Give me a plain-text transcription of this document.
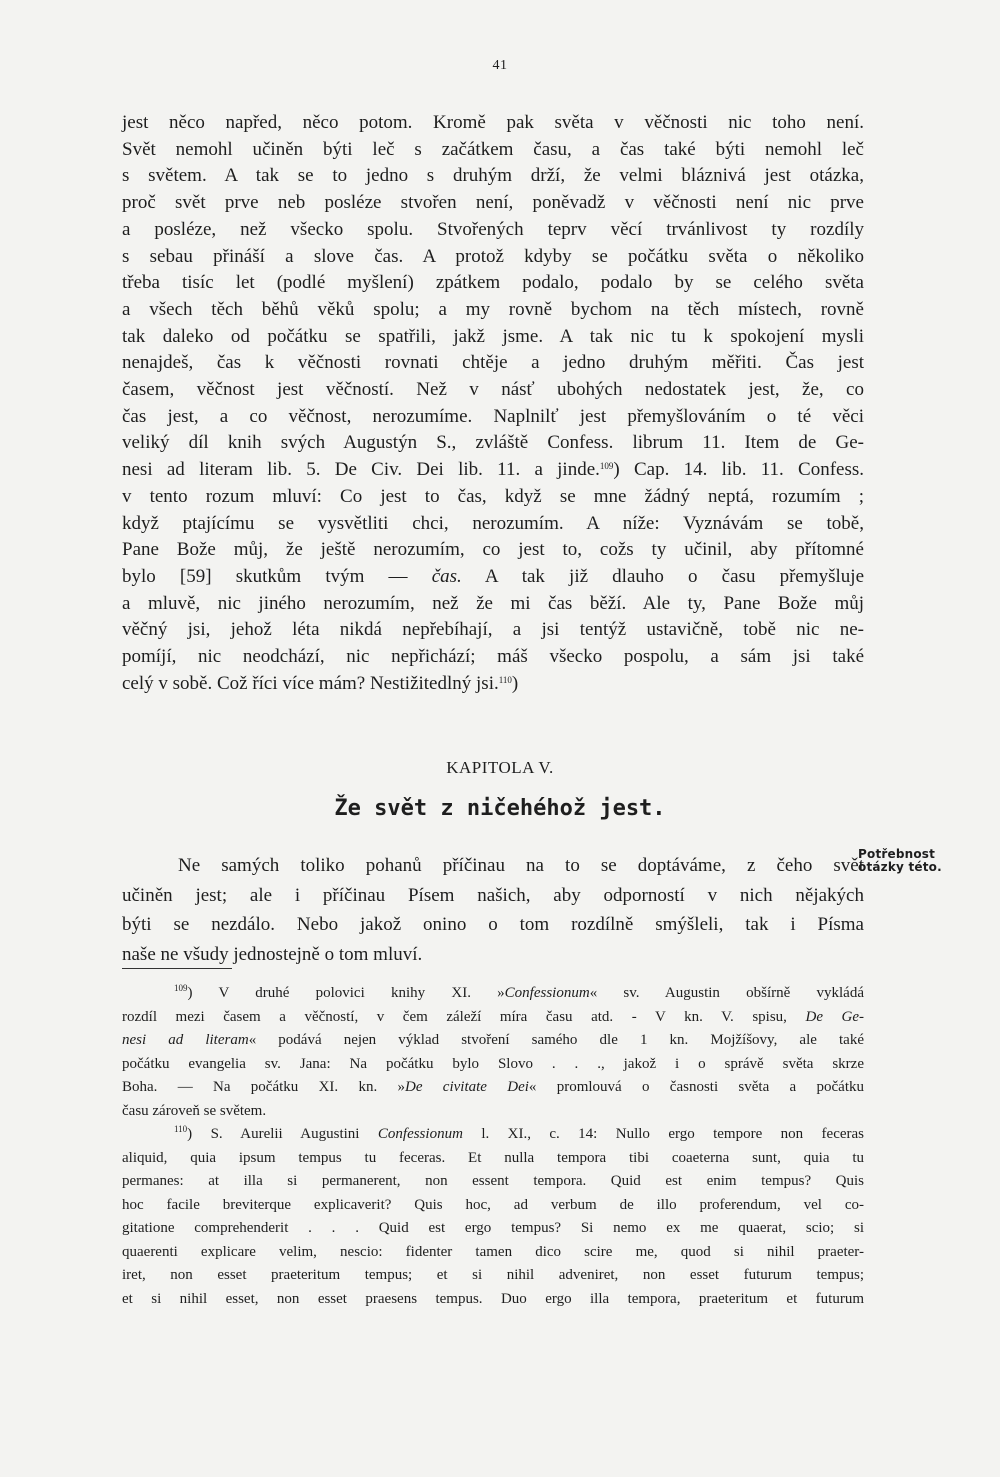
41
jest něco napřed, něco potom. Kromě pak světa v věčnosti nic toho není.
Svět nemohl učiněn býti leč s začátkem času, a čas také býti nemohl leč
s světem. A tak se to jedno s druhým drží, že velmi bláznivá jest otázka,
proč svět prve neb posléze stvořen není, poněvadž v věčnosti není nic prve
a posléze, než všecko spolu. Stvořených teprv věcí trvánlivost ty rozdíly
s sebau přináší a slove čas. A protož kdyby se počátku světa o několiko
třeba tisíc let (podlé myšlení) zpátkem podalo, podalo by se celého světa
a všech těch běhů věků spolu; a my rovně bychom na těch místech, rovně
tak daleko od počátku se spatřili, jakž jsme. A tak nic tu k spokojení mysli
nenajdeš, čas k věčnosti rovnati chtěje a jedno druhým měřiti. Čas jest
časem, věčnost jest věčností. Než v násť ubohých nedostatek jest, že, co
čas jest, a co věčnost, nerozumíme. Naplnilť jest přemyšlováním o té věci
veliký díl knih svých Augustýn S., zvláště Confess. librum 11. Item de Ge-
nesi ad literam lib. 5. De Civ. Dei lib. 11. a jinde.$^{109}$) Cap. 14. lib. 11. Confess.
v tento rozum mluví: Co jest to čas, když se mne žádný neptá, rozumím ;
když ptajícímu se vysvětliti chci, nerozumím. A níže: Vyznávám se tobě,
Pane Bože můj, že ještě nerozumím, co jest to, cožs ty učinil, aby přítomné
bylo [59] skutkům tvým — čas. A tak již dlauho o času přemyšluje
a mluvě, nic jiného nerozumím, než že mi čas běží. Ale ty, Pane Bože můj
věčný jsi, jehož léta nikdá nepřebíhají, a jsi tentýž ustavičně, tobě nic ne-
pomíjí, nic neodchází, nic nepřichází; máš všecko pospolu, a sám jsi také
celý v sobě. Což říci více mám? Nestižitedlný jsi.$^{110}$)
KAPITOLA V.
Že svět z ničehéhož jest.
Ne samých toliko pohanů příčinau na to se doptáváme, z čeho svět
učiněn jest; ale i příčinau Písem našich, aby odporností v nich nějakých
býti se nezdálo. Nebo jakož onino o tom rozdílně smýšleli, tak i Písma
naše ne všudy jednostejně o tom mluví.
Potřebnost
otázky této.
$^{109}$) V druhé polovici knihy XI. »Confessionum« sv. Augustin obšírně vykládá
rozdíl mezi časem a věčností, v čem záleží míra času atd. - V kn. V. spisu, De Ge-
nesi ad literam« podává nejen výklad stvoření samého dle 1 kn. Mojžíšovy, ale také
počátku evangelia sv. Jana: Na počátku bylo Slovo . . ., jakož i o správě světa skrze
Boha. — Na počátku XI. kn. »De civitate Dei« promlouvá o časnosti světa a počátku
času zároveň se světem.
$^{110}$) S. Aurelii Augustini Confessionum l. XI., c. 14: Nullo ergo tempore non feceras
aliquid, quia ipsum tempus tu feceras. Et nulla tempora tibi coaeterna sunt, quia tu
permanes: at illa si permanerent, non essent tempora. Quid est enim tempus? Quis
hoc facile breviterque explicaverit? Quis hoc, ad verbum de illo proferendum, vel co-
gitatione comprehenderit . . . Quid est ergo tempus? Si nemo ex me quaerat, scio; si
quaerenti explicare velim, nescio: fidenter tamen dico scire me, quod si nihil praeter-
iret, non esset praeteritum tempus; et si nihil adveniret, non esset futurum tempus;
et si nihil esset, non esset praesens tempus. Duo ergo illa tempora, praeteritum et futurum
